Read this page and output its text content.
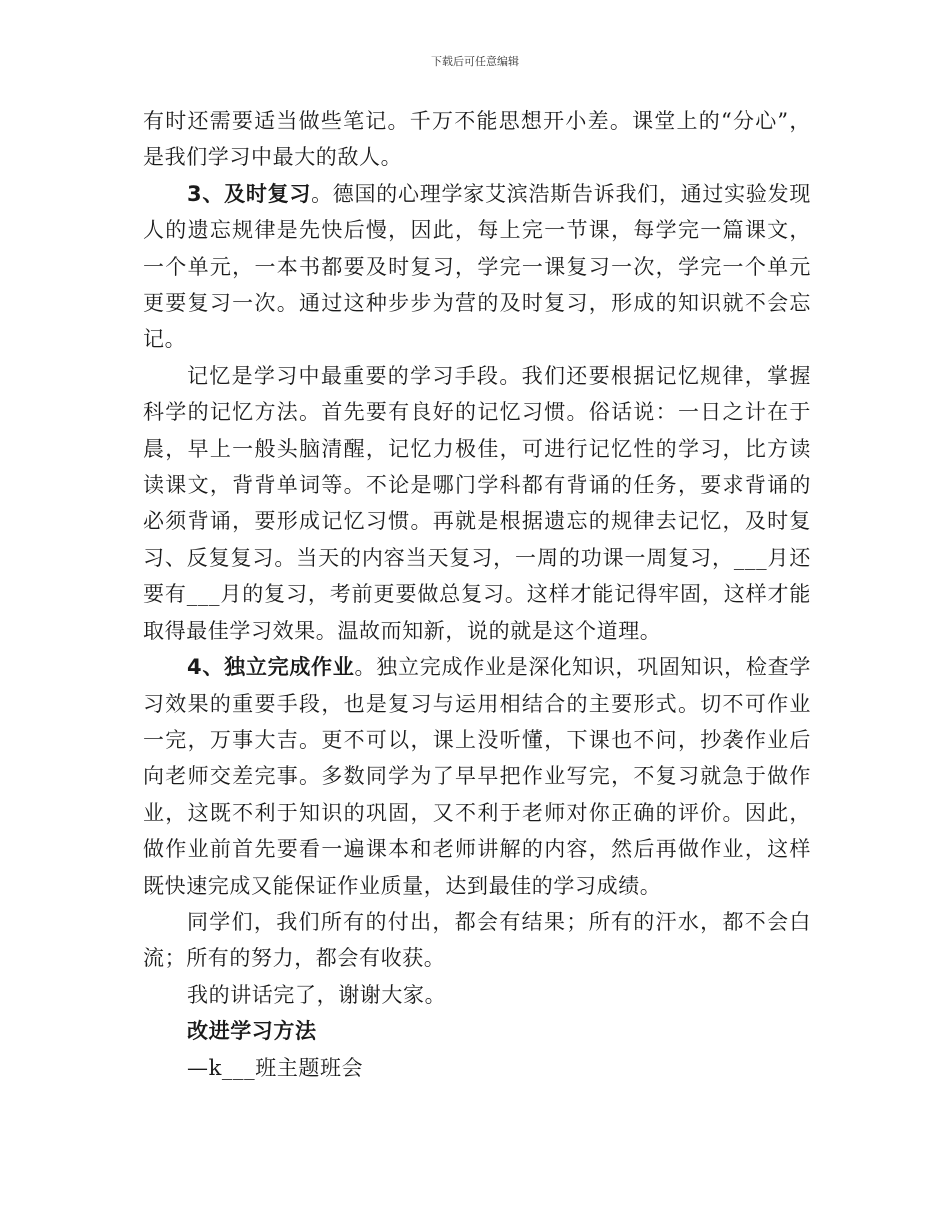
下载后可任意编辑

有时还需要适当做些笔记。千万不能思想开小差。课堂上的“分心”，是我们学习中最大的敌人。

3、及时复习。德国的心理学家艾滨浩斯告诉我们，通过实验发现人的遗忘规律是先快后慢，因此，每上完一节课，每学完一篇课文，一个单元，一本书都要及时复习，学完一课复习一次，学完一个单元更要复习一次。通过这种步步为营的及时复习，形成的知识就不会忘记。

记忆是学习中最重要的学习手段。我们还要根据记忆规律，掌握科学的记忆方法。首先要有良好的记忆习惯。俗话说：一日之计在于晨，早上一般头脑清醒，记忆力极佳，可进行记忆性的学习，比方读读课文，背背单词等。不论是哪门学科都有背诵的任务，要求背诵的必须背诵，要形成记忆习惯。再就是根据遗忘的规律去记忆，及时复习、反复复习。当天的内容当天复习，一周的功课一周复习，___月还要有___月的复习，考前更要做总复习。这样才能记得牢固，这样才能取得最佳学习效果。温故而知新，说的就是这个道理。

4、独立完成作业。独立完成作业是深化知识，巩固知识，检查学习效果的重要手段，也是复习与运用相结合的主要形式。切不可作业一完，万事大吉。更不可以，课上没听懂，下课也不问，抄袭作业后向老师交差完事。多数同学为了早早把作业写完，不复习就急于做作业，这既不利于知识的巩固，又不利于老师对你正确的评价。因此，做作业前首先要看一遍课本和老师讲解的内容，然后再做作业，这样既快速完成又能保证作业质量，达到最佳的学习成绩。

同学们，我们所有的付出，都会有结果；所有的汗水，都不会白流；所有的努力，都会有收获。

我的讲话完了，谢谢大家。

改进学习方法

—k___班主题班会
